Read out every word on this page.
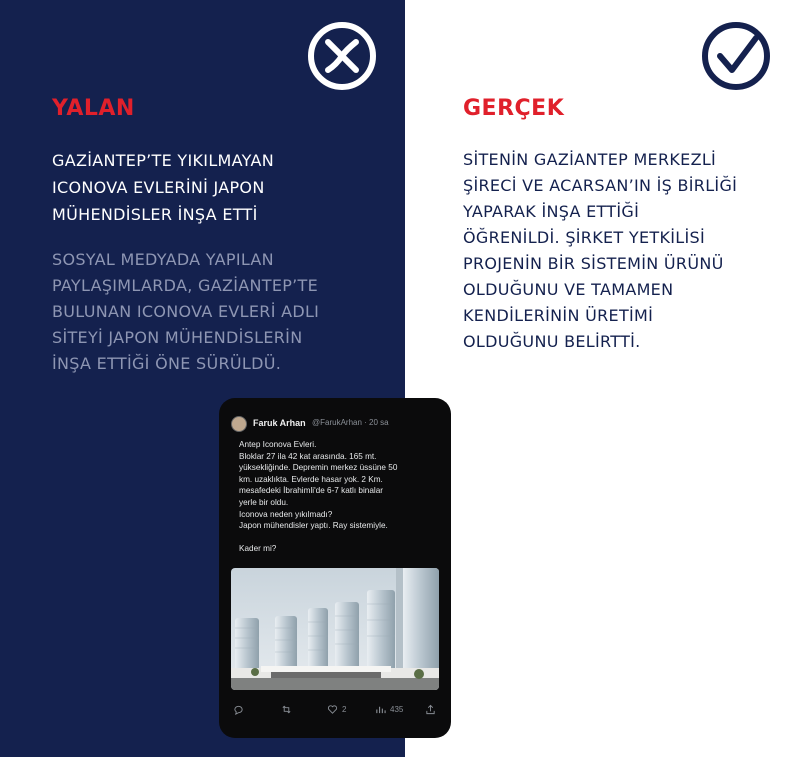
YALAN	GERÇEK
GAZİANTEP’TE YIKILMAYAN
ICONOVA EVLERİNİ JAPON
MÜHENDİSLER İNŞA ETTİ
SOSYAL MEDYADA YAPILAN
PAYLAŞIMLARDA, GAZİANTEP’TE
BULUNAN ICONOVA EVLERİ ADLI
SİTEYİ JAPON MÜHENDİSLERİN
İNŞA ETTİĞİ ÖNE SÜRÜLDÜ.
SİTENİN GAZİANTEP MERKEZLİ
ŞİRECİ VE ACARSAN’IN İŞ BİRLİĞİ
YAPARAK İNŞA ETTİĞİ
ÖĞRENİLDİ. ŞİRKET YETKİLİSİ
PROJENİN BİR SİSTEMİN ÜRÜNÜ
OLDUĞUNU VE TAMAMEN
KENDİLERİNİN ÜRETİMİ
OLDUĞUNU BELİRTTİ.
Faruk Arhan @FarukArhan · 20 sa
Antep Iconova Evleri.
Bloklar 27 ila 42 kat arasında. 165 mt.
yüksekliğinde. Depremin merkez üssüne 50
km. uzaklıkta. Evlerde hasar yok. 2 Km.
mesafedeki İbrahimli'de 6-7 katlı binalar
yerle bir oldu.
Iconova neden yıkılmadı?
Japon mühendisler yaptı. Ray sistemiyle.
Kader mi?
2	435
